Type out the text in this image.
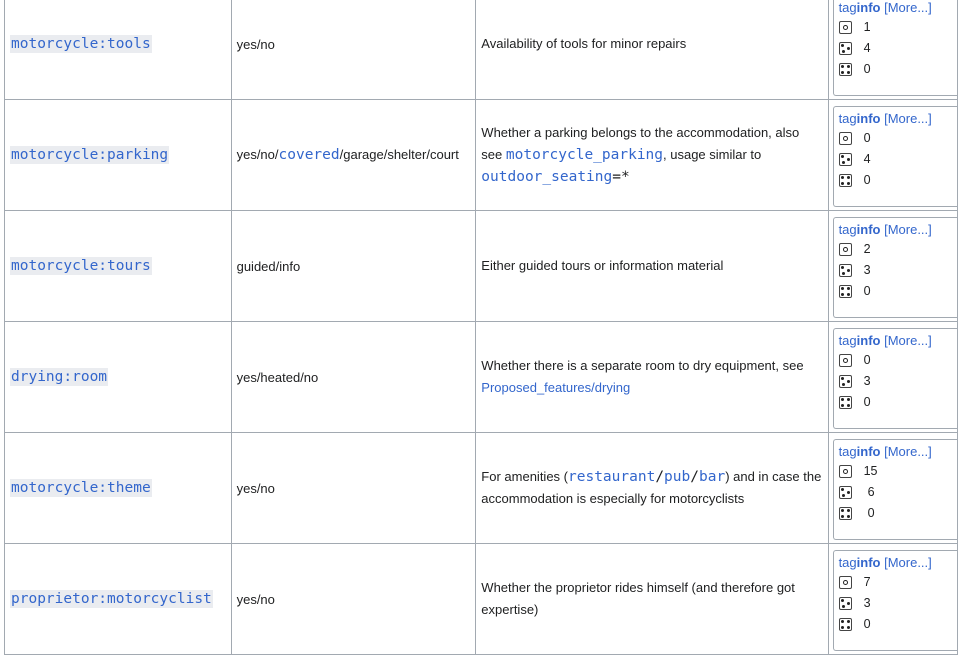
motorcycle:tools	yes/no	Availability of tools for minor repairs	taginfo [More...]
1
4
0

motorcycle:parking	yes/no/covered/garage/shelter/court	Whether a parking belongs to the accommodation, also see motorcycle_parking, usage similar to outdoor_seating=*	taginfo [More...]
0
4
0

motorcycle:tours	guided/info	Either guided tours or information material	taginfo [More...]
2
3
0

drying:room	yes/heated/no	Whether there is a separate room to dry equipment, see Proposed_features/drying	taginfo [More...]
0
3
0

motorcycle:theme	yes/no	For amenities (restaurant/pub/bar) and in case the accommodation is especially for motorcyclists	taginfo [More...]
15
6
0

proprietor:motorcyclist	yes/no	Whether the proprietor rides himself (and therefore got expertise)	taginfo [More...]
7
3
0
